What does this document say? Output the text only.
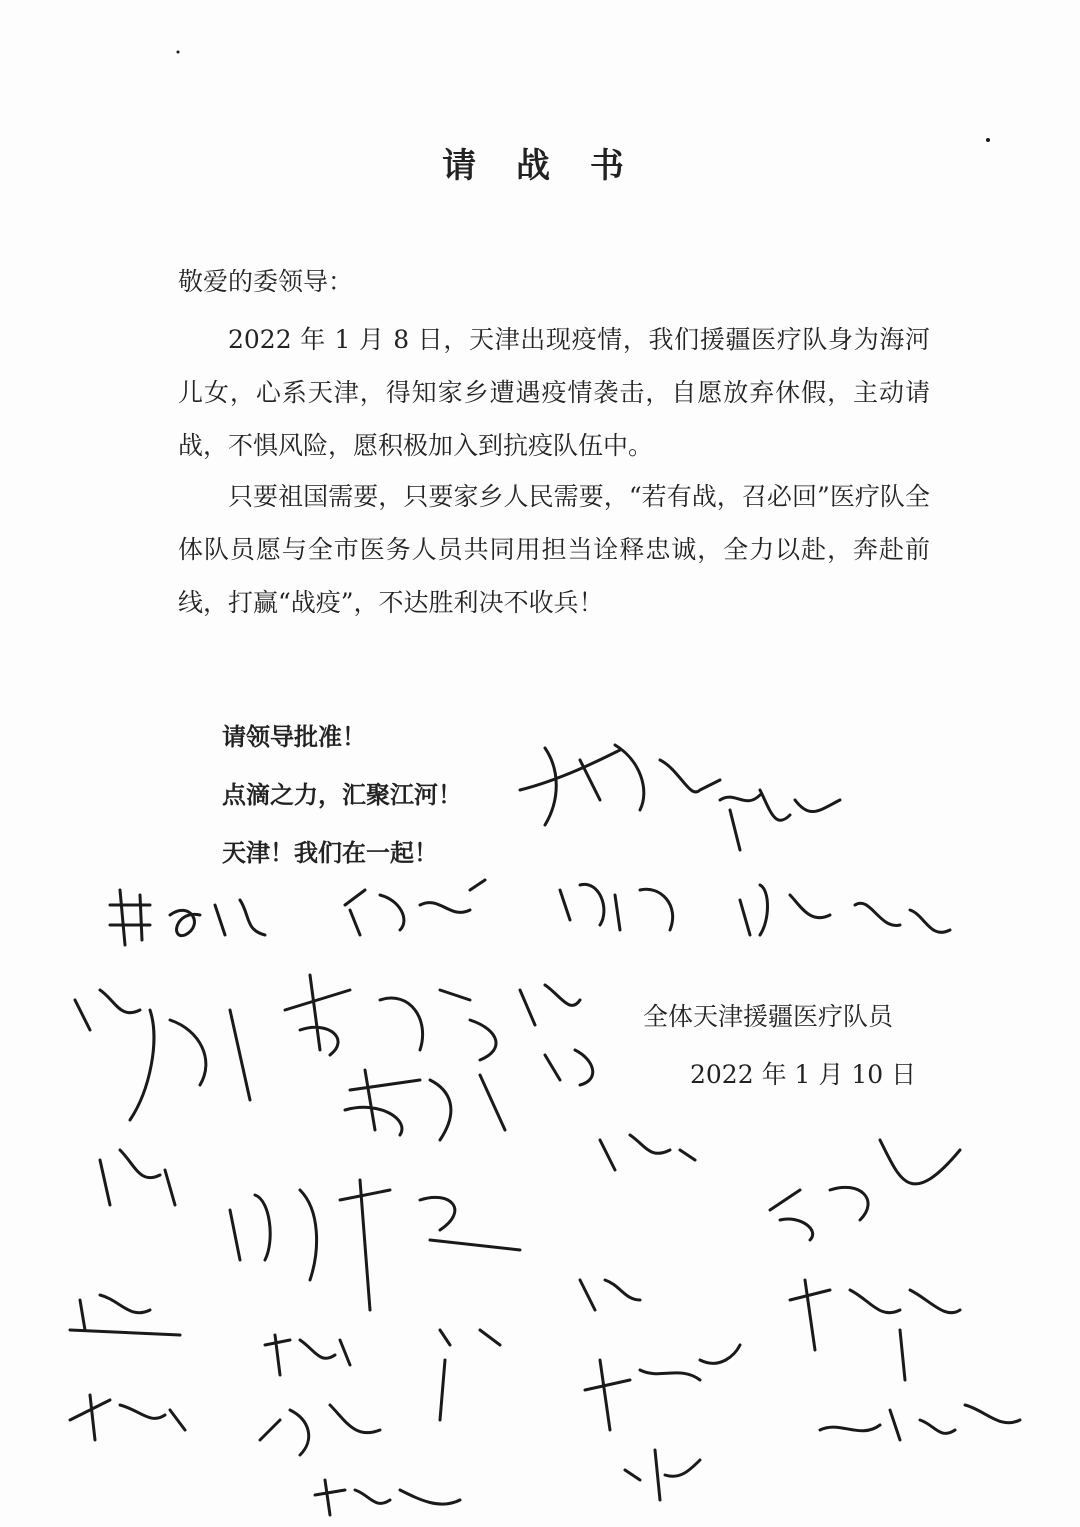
请 战 书
敬爱的委领导：
2022 年 1 月 8 日，天津出现疫情，我们援疆医疗队身为海河儿女，心系天津，得知家乡遭遇疫情袭击，自愿放弃休假，主动请战，不惧风险，愿积极加入到抗疫队伍中。
只要祖国需要，只要家乡人民需要，“若有战，召必回”医疗队全体队员愿与全市医务人员共同用担当诠释忠诚，全力以赴，奔赴前线，打赢“战疫”，不达胜利决不收兵！
请领导批准！
点滴之力，汇聚江河！
天津！我们在一起！
全体天津援疆医疗队员
2022 年 1 月 10 日
